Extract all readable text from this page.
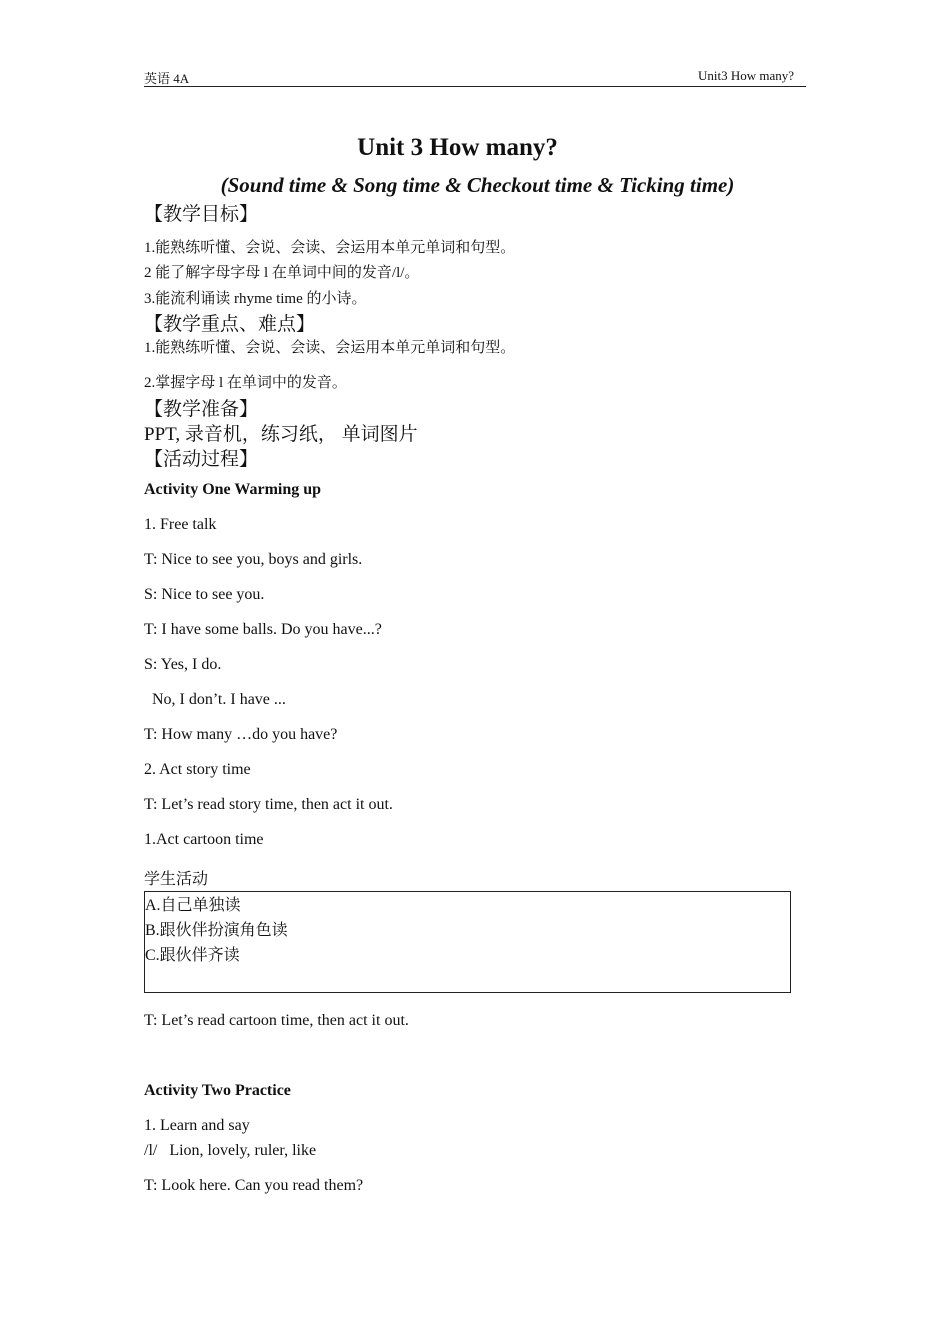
英语 4A	Unit3 How many?
Unit 3 How many?
(Sound time & Song time & Checkout time & Ticking time)
【教学目标】
1.能熟练听懂、会说、会读、会运用本单元单词和句型。
2 能了解字母字母 l 在单词中间的发音/l/。
3.能流利诵读 rhyme time 的小诗。
【教学重点、难点】
1.能熟练听懂、会说、会读、会运用本单元单词和句型。
2.掌握字母 l 在单词中的发音。
【教学准备】
PPT, 录音机，练习纸， 单词图片
【活动过程】
Activity One Warming up
1. Free talk
T: Nice to see you, boys and girls.
S: Nice to see you.
T: I have some balls. Do you have...?
S: Yes, I do.
No, I don’t. I have ...
T: How many …do you have?
2. Act story time
T: Let’s read story time, then act it out.
1.Act cartoon time
学生活动
A.自己单独读
B.跟伙伴扮演角色读
C.跟伙伴齐读
T: Let’s read cartoon time, then act it out.
Activity Two Practice
1. Learn and say
/l/   Lion, lovely, ruler, like
T: Look here. Can you read them?
